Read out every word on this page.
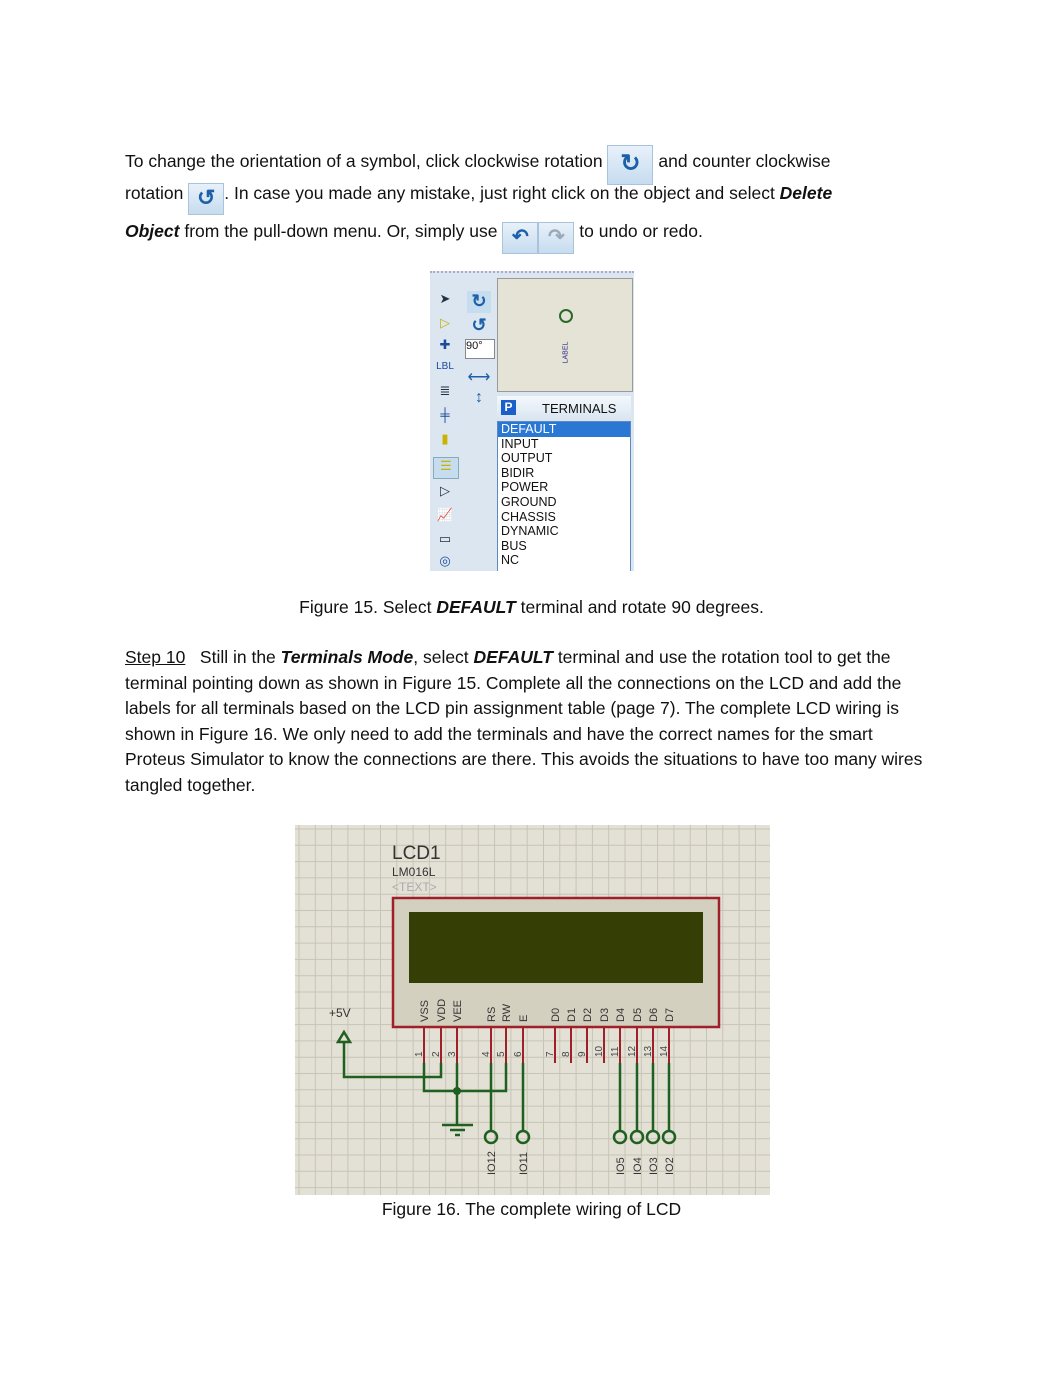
To change the orientation of a symbol, click clockwise rotation ↻ and counter clockwise
rotation ↺ . In case you made any mistake, just right click on the object and select Delete
Object from the pull-down menu. Or, simply use ↶ ↷ to undo or redo.
➤
▷
✚
LBL
≣
╪
▮
☰
▷
📈
▭
◎
↻
↺
90°
⟷
↕
LABEL
P TERMINALS
DEFAULT
INPUT
OUTPUT
BIDIR
POWER
GROUND
CHASSIS
DYNAMIC
BUS
NC
Figure 15. Select DEFAULT terminal and rotate 90 degrees.
Step 10   Still in the Terminals Mode, select DEFAULT terminal and use the rotation tool to get the terminal pointing down as shown in Figure 15. Complete all the connections on the LCD and add the labels for all terminals based on the LCD pin assignment table (page 7). The complete LCD wiring is shown in Figure 16. We only need to add the terminals and have the correct names for the smart Proteus Simulator to know the connections are there. This avoids the situations to have too many wires tangled together.
LCD1
LM016L
<TEXT>
VSS
1
VDD
2
VEE
3
RS
4
IO12
RW
5
E
6
IO11
D0
7
D1
8
D2
9
D3
10
D4
11
IO5
D5
12
IO4
D6
13
IO3
D7
14
IO2
+5V
Figure 16. The complete wiring of LCD
